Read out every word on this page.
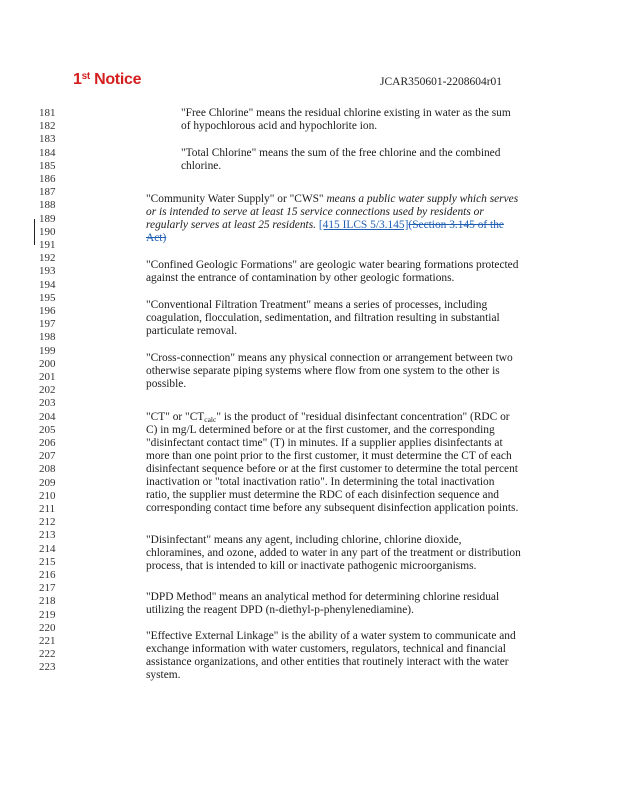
1st Notice	JCAR350601-2208604r01
181
182
183
184
185
186
187
188
189
190
191
192
193
194
195
196
197
198
199
200
201
202
203
204
205
206
207
208
209
210
211
212
213
214
215
216
217
218
219
220
221
222
223
"Free Chlorine" means the residual chlorine existing in water as the sum
of hypochlorous acid and hypochlorite ion.
"Total Chlorine" means the sum of the free chlorine and the combined
chlorine.
"Community Water Supply" or "CWS" means a public water supply which serves
or is intended to serve at least 15 service connections used by residents or
regularly serves at least 25 residents. [415 ILCS 5/3.145](Section 3.145 of the
Act)
"Confined Geologic Formations" are geologic water bearing formations protected
against the entrance of contamination by other geologic formations.
"Conventional Filtration Treatment" means a series of processes, including
coagulation, flocculation, sedimentation, and filtration resulting in substantial
particulate removal.
"Cross-connection" means any physical connection or arrangement between two
otherwise separate piping systems where flow from one system to the other is
possible.
"CT" or "$CT_{calc}$" is the product of "residual disinfectant concentration" (RDC or
C) in mg/L determined before or at the first customer, and the corresponding
"disinfectant contact time" (T) in minutes. If a supplier applies disinfectants at
more than one point prior to the first customer, it must determine the CT of each
disinfectant sequence before or at the first customer to determine the total percent
inactivation or "total inactivation ratio". In determining the total inactivation
ratio, the supplier must determine the RDC of each disinfection sequence and
corresponding contact time before any subsequent disinfection application points.
"Disinfectant" means any agent, including chlorine, chlorine dioxide,
chloramines, and ozone, added to water in any part of the treatment or distribution
process, that is intended to kill or inactivate pathogenic microorganisms.
"DPD Method" means an analytical method for determining chlorine residual
utilizing the reagent DPD (n-diethyl-p-phenylenediamine).
"Effective External Linkage" is the ability of a water system to communicate and
exchange information with water customers, regulators, technical and financial
assistance organizations, and other entities that routinely interact with the water
system.
